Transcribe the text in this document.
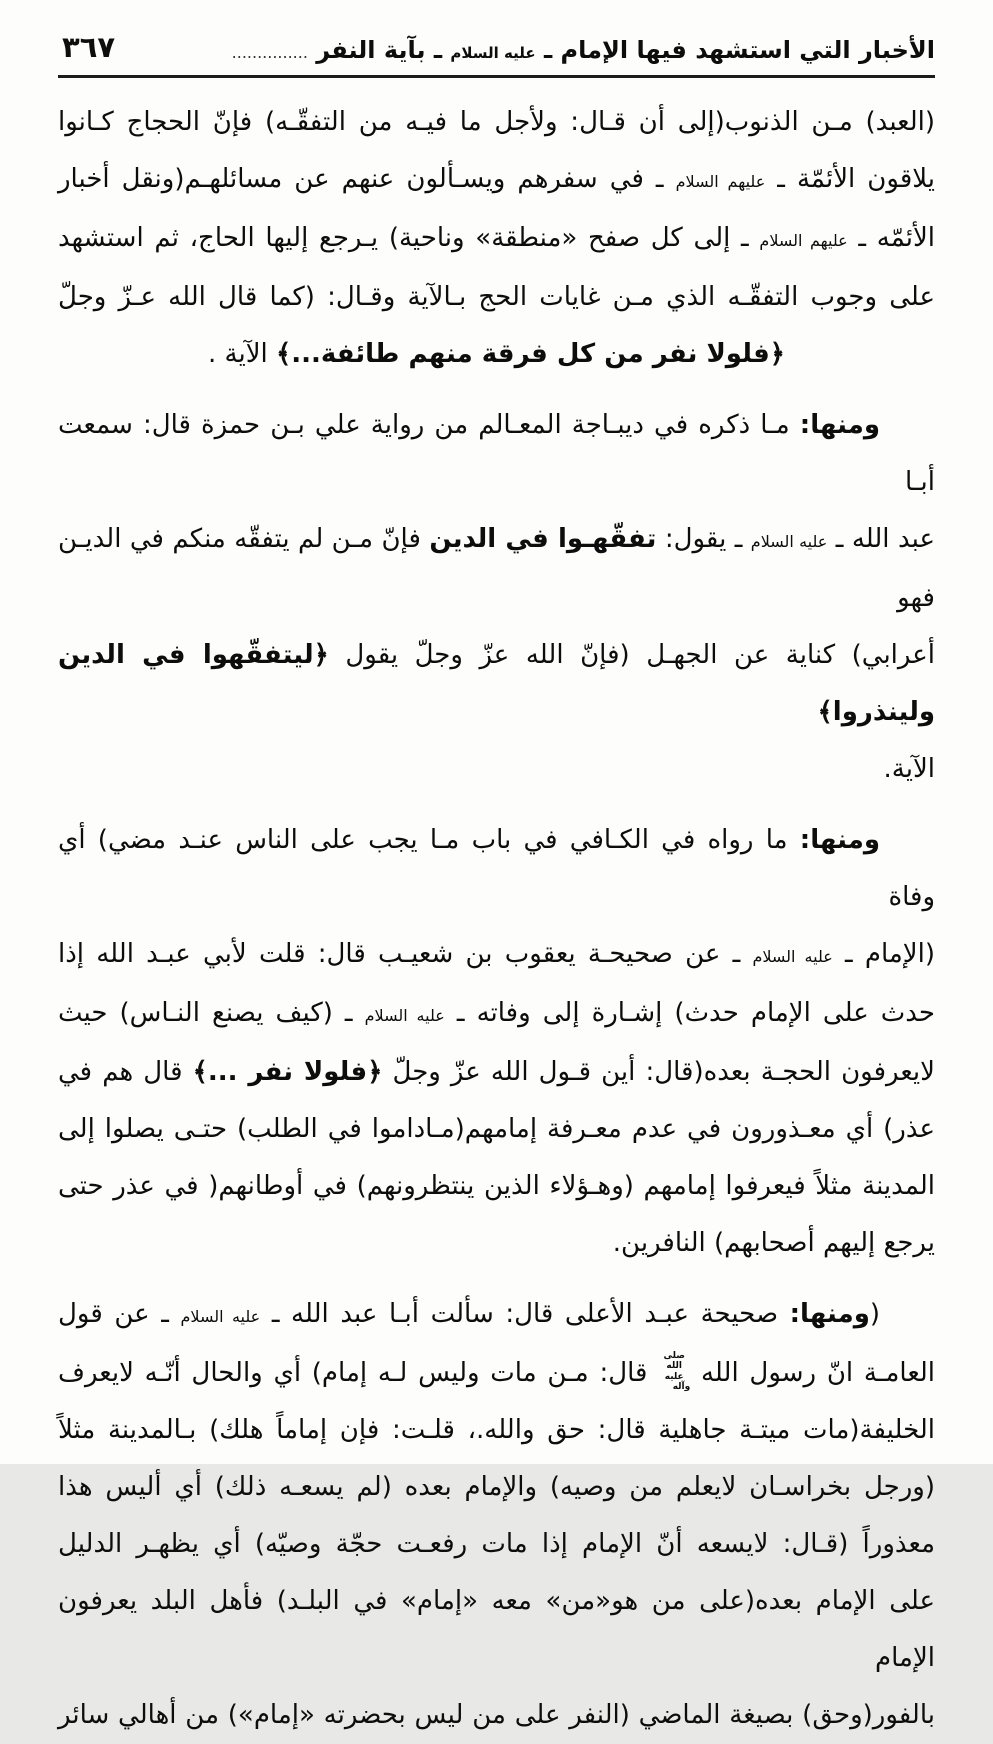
الأخبار التي استشهد فيها الإمام ـ عليه السلام ـ بآية النفر ...............
٣٦٧
(العبد) مـن الذنوب(إلى أن قـال: ولأجل ما فيـه من التفقّـه) فإنّ الحجاج كـانوا
يلاقون الأئمّة ـ عليهم السلام ـ في سفرهم ويسـألون عنهم عن مسائلهـم(ونقل أخبار
الأئمّه ـ عليهم السلام ـ إلى كل صفح «منطقة» وناحية) يـرجع إليها الحاج، ثم استشهد
على وجوب التفقّـه الذي مـن غايات الحج بـالآية وقـال: (كما قال الله عـزّ وجلّ
﴿فلولا نفر من كل فرقة منهم طائفة...﴾ الآية .
ومنها: مـا ذكره في ديبـاجة المعـالم من رواية علي بـن حمزة قال: سمعت أبـا
عبد الله ـ عليه السلام ـ يقول: تفقّهـوا في الدين فإنّ مـن لم يتفقّه منكم في الديـن فهو
أعرابي) كناية عن الجهـل (فإنّ الله عزّ وجلّ يقول ﴿ليتفقّهوا في الدين ولينذروا﴾
الآية.
ومنها: ما رواه في الكـافي في باب مـا يجب على الناس عنـد مضي) أي وفاة
(الإمام ـ عليه السلام ـ عن صحيحـة يعقوب بن شعيـب قال: قلت لأبي عبـد الله إذا
حدث على الإمام حدث) إشـارة إلى وفاته ـ عليه السلام ـ (كيف يصنع النـاس) حيث
لايعرفون الحجـة بعده(قال: أين قـول الله عزّ وجلّ ﴿فلولا نفر ...﴾ قال هم في
عذر) أي معـذورون في عدم معـرفة إمامهم(مـاداموا في الطلب) حتـى يصلوا إلى
المدينة مثلاً فيعرفوا إمامهم (وهـؤلاء الذين ينتظرونهم) في أوطانهم( في عذر حتى
يرجع إليهم أصحابهم) النافرين.
(ومنها: صحيحة عبـد الأعلى قال: سألت أبـا عبد الله ـ عليه السلام ـ عن قول
العامـة انّ رسول الله صلى الله عليه وآله قال: مـن مات وليس لـه إمام) أي والحال أنّـه لايعرف
الخليفة(مات ميتـة جاهلية قال: حق والله.، قلـت: فإن إماماً هلك) بـالمدينة مثلاً
(ورجل بخراسـان لايعلم من وصيه) والإمام بعده (لم يسعـه ذلك) أي أليس هذا
معذوراً (قـال: لايسعه أنّ الإمام إذا مات رفعـت حجّة وصيّه) أي يظهـر الدليل
على الإمام بعده(على من هو«من» معه «إمام» في البلـد) فأهل البلد يعرفون الإمام
بالفور(وحق) بصيغة الماضي (النفر على من ليس بحضرته «إمام») من أهالي سائر
